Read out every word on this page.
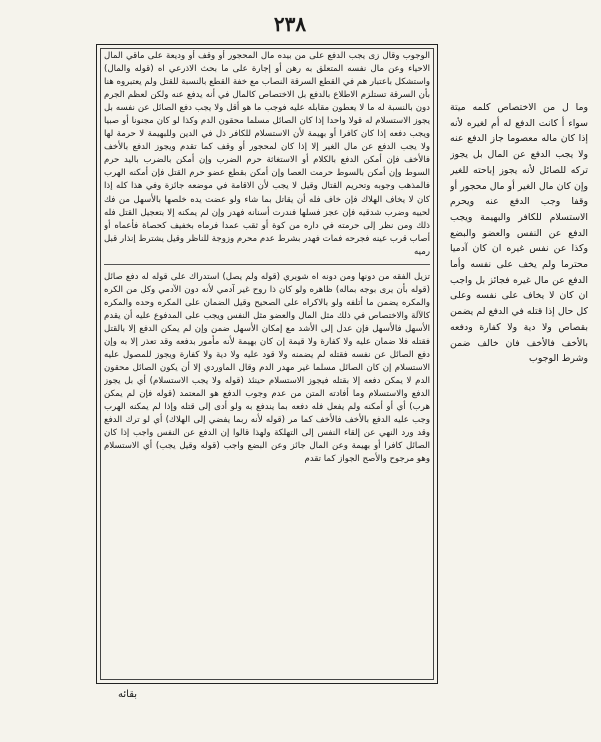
٢٣٨

الوجوب وقال زى يجب الدفع على من بيده مال المحجور أو وقف أو وديعة على ماقي المال الاحياء وعن مال نفسه المتعلق به رهن أو إجارة على ما بحث الاذرعي اه (قوله والمال) واستشكل باعتبار هم في القطع السرقة النصاب مع خفة القطع بالنسبة للقتل ولم يعتبروه هنا بأن السرقة تستلزم الاطلاع بالدفع بل الاختصاص كالمال في أنه يدفع عنه ولكن لعظم الجرم دون بالنسبة له ما لا يعطون مقابله عليه فوجب ما هو أقل ولا يجب دفع الصائل عن نفسه بل يجوز الاستسلام له قولا واحدا إذا كان الصائل مسلما محقون الدم وكذا لو كان مجنونا أو صبيا ويجب دفعه إذا كان كافرا أو بهيمة لأن الاستسلام للكافر ذل في الدين وللبهيمة لا حرمة لها ولا يجب الدفع عن مال الغير إلا إذا كان لمحجور أو وقف كما تقدم ويجوز الدفع بالأخف فالأخف فإن أمكن الدفع بالكلام أو الاستغاثة حرم الضرب وإن أمكن بالضرب باليد حرم السوط وإن أمكن بالسوط حرمت العصا وإن أمكن بقطع عضو حرم القتل فإن أمكنه الهرب فالمذهب وجوبه وتحريم القتال وقيل لا يجب لأن الاقامة في موضعه جائزة وفي هذا كله إذا كان لا يخاف الهلاك فإن خاف فله أن يقاتل بما شاء ولو عضت يده خلصها بالأسهل من فك لحييه وضرب شدقيه فإن عجز فسلها فندرت أسنانه فهدر وإن لم يمكنه إلا بتعجيل القتل فله ذلك ومن نظر إلى حرمته في داره من كوة أو ثقب عمدا فرماه بخفيف كحصاة فأعماه أو أصاب قرب عينه فجرحه فمات فهدر بشرط عدم محرم وزوجة للناظر وقيل يشترط إنذار قبل رميه

تزيل الفقه من دونها ومن دونه اه شوبري (قوله ولم يصل) استدراك على قوله له دفع صائل (قوله بأن يرى بوجه بماله) ظاهره ولو كان ذا روح غير آدمي لأنه دون الآدمي وكل من الكره والمكره يضمن ما أتلفه ولو بالاكراه على الصحيح وقيل الضمان على المكره وحده والمكره كالآلة والاختصاص في ذلك مثل المال والعضو مثل النفس ويجب على المدفوع عليه أن يقدم الأسهل فالأسهل فإن عدل إلى الأشد مع إمكان الأسهل ضمن وإن لم يمكن الدفع إلا بالقتل فقتله فلا ضمان عليه ولا كفارة ولا قيمة إن كان بهيمة لأنه مأمور بدفعه وقد تعذر إلا به وإن دفع الصائل عن نفسه فقتله لم يضمنه ولا قود عليه ولا دية ولا كفارة ويجوز للمصول عليه الاستسلام إن كان الصائل مسلما غير مهدر الدم وقال الماوردي إلا أن يكون الصائل محقون الدم لا يمكن دفعه إلا بقتله فيجوز الاستسلام حينئذ (قوله ولا يجب الاستسلام) أي بل يجوز الدفع والاستسلام وما أفادته المتن من عدم وجوب الدفع هو المعتمد (قوله فإن لم يمكن هرب) أي أو أمكنه ولم يفعل فله دفعه بما يندفع به ولو أدى إلى قتله وإذا لم يمكنه الهرب وجب عليه الدفع بالأخف فالأخف كما مر (قوله لأنه ربما يفضي إلى الهلاك) أي لو ترك الدفع وقد ورد النهي عن إلقاء النفس إلى التهلكة ولهذا قالوا إن الدفع عن النفس واجب إذا كان الصائل كافرا أو بهيمة وعن المال جائز وعن البضع واجب (قوله وقيل يجب) أي الاستسلام وهو مرجوح والأصح الجواز كما تقدم

وما ل من الاختصاص كلمه ميتة سواء أ كانت الدفع له أم لغيره لأنه إذا كان ماله معصوما جاز الدفع عنه ولا يجب الدفع عن المال بل يجوز تركه للصائل لأنه يجوز إباحته للغير وإن كان مال الغير أو مال محجور أو وقفا وجب الدفع عنه ويحرم الاستسلام للكافر والبهيمة ويجب الدفع عن النفس والعضو والبضع وكذا عن نفس غيره ان كان آدميا محترما ولم يخف على نفسه وأما الدفع عن مال غيره فجائز بل واجب ان كان لا يخاف على نفسه وعلى كل حال إذا قتله في الدفع لم يضمن بقصاص ولا دية ولا كفارة ودفعه بالأخف فالأخف فان خالف ضمن وشرط الوجوب
بقائه
